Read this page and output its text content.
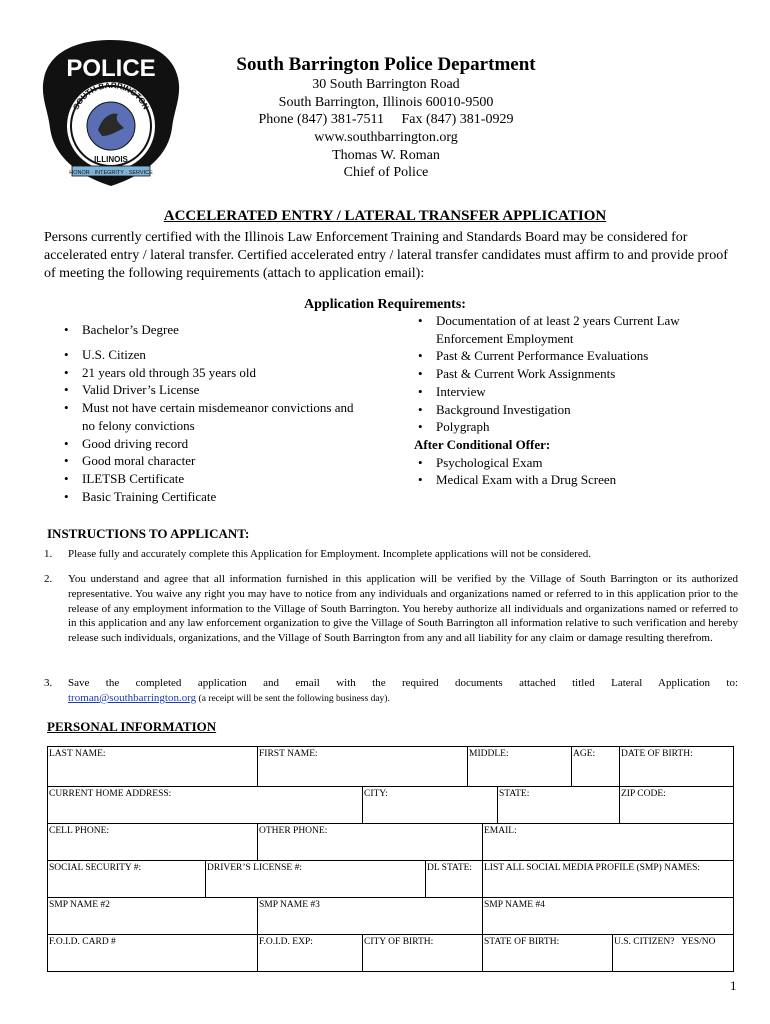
POLICE
SOUTH BARRINGTON
ILLINOIS
HONOR · INTEGRITY · SERVICE
South Barrington Police Department
30 South Barrington Road
South Barrington, Illinois 60010-9500
Phone (847) 381-7511     Fax (847) 381-0929
www.southbarrington.org
Thomas W. Roman
Chief of Police
ACCELERATED ENTRY / LATERAL TRANSFER APPLICATION
Persons currently certified with the Illinois Law Enforcement Training and Standards Board may be considered for accelerated entry / lateral transfer. Certified accelerated entry / lateral transfer candidates must affirm to and provide proof of meeting the following requirements (attach to application email):
Application Requirements:
• Bachelor’s Degree
• U.S. Citizen
• 21 years old through 35 years old
• Valid Driver’s License
• Must not have certain misdemeanor convictions and no felony convictions
• Good driving record
• Good moral character
• ILETSB Certificate
• Basic Training Certificate
• Documentation of at least 2 years Current Law Enforcement Employment
• Past & Current Performance Evaluations
• Past & Current Work Assignments
• Interview
• Background Investigation
• Polygraph
After Conditional Offer:
• Psychological Exam
• Medical Exam with a Drug Screen
INSTRUCTIONS TO APPLICANT:
1. Please fully and accurately complete this Application for Employment. Incomplete applications will not be considered.
2. You understand and agree that all information furnished in this application will be verified by the Village of South Barrington or its authorized representative. You waive any right you may have to notice from any individuals and organizations named or referred to in this application prior to the release of any employment information to the Village of South Barrington. You hereby authorize all individuals and organizations named or referred to in this application and any law enforcement organization to give the Village of South Barrington all information relative to such verification and hereby release such individuals, organizations, and the Village of South Barrington from any and all liability for any claim or damage resulting therefrom.
3. Save the completed application and email with the required documents attached titled Lateral Application to:
troman@southbarrington.org (a receipt will be sent the following business day).
PERSONAL INFORMATION
LAST NAME:	FIRST NAME:	MIDDLE:	AGE:	DATE OF BIRTH:
CURRENT HOME ADDRESS:	CITY:	STATE:	ZIP CODE:
CELL PHONE:	OTHER PHONE:	EMAIL:
SOCIAL SECURITY #:	DRIVER’S LICENSE #:	DL STATE:	LIST ALL SOCIAL MEDIA PROFILE (SMP) NAMES:
SMP NAME #2	SMP NAME #3	SMP NAME #4
F.O.I.D. CARD #	F.O.I.D. EXP:	CITY OF BIRTH:	STATE OF BIRTH:	U.S. CITIZEN?   YES/NO
1
